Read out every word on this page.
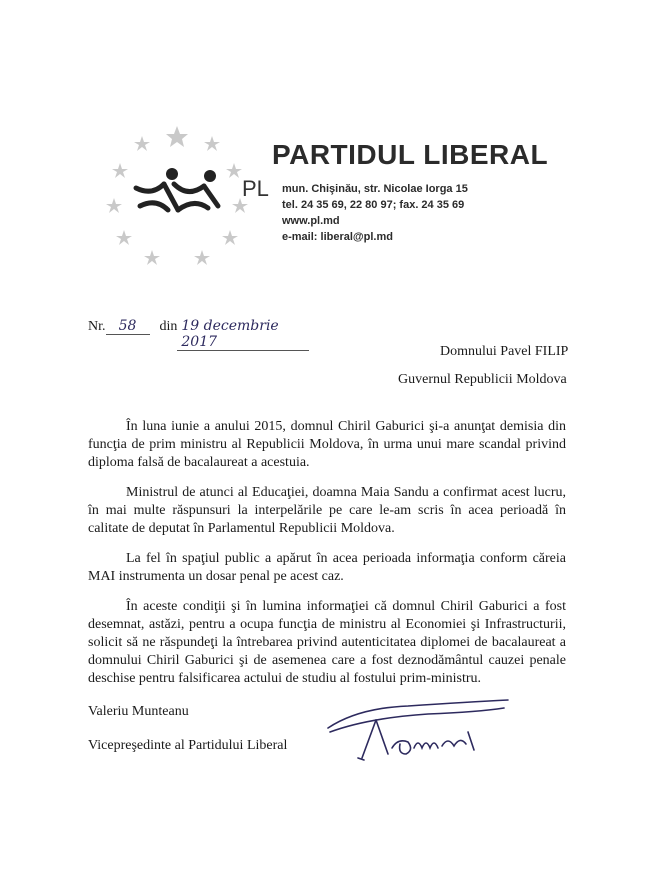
PARTIDUL LIBERAL
PL mun. Chişinău, str. Nicolae Iorga 15
tel. 24 35 69, 22 80 97; fax. 24 35 69
www.pl.md
e-mail: liberal@pl.md
Nr. 58	din 19 decembrie 2017
Domnului Pavel FILIP
Guvernul Republicii Moldova

În luna iunie a anului 2015, domnul Chiril Gaburici şi-a anunţat demisia din funcţia de prim ministru al Republicii Moldova, în urma unui mare scandal privind diploma falsă de bacalaureat a acestuia.

Ministrul de atunci al Educaţiei, doamna Maia Sandu a confirmat acest lucru, în mai multe răspunsuri la interpelările pe care le-am scris în acea perioadă în calitate de deputat în Parlamentul Republicii Moldova.

La fel în spaţiul public a apărut în acea perioada informaţia conform căreia MAI instrumenta un dosar penal pe acest caz.

În aceste condiţii şi în lumina informaţiei că domnul Chiril Gaburici a fost desemnat, astăzi, pentru a ocupa funcţia de ministru al Economiei şi Infrastructurii, solicit să ne răspundeţi la întrebarea privind autenticitatea diplomei de bacalaureat a domnului Chiril Gaburici şi de asemenea care a fost deznodământul cauzei penale deschise pentru falsificarea actului de studiu al fostului prim-ministru.

Valeriu Munteanu
Vicepreşedinte al Partidului Liberal
